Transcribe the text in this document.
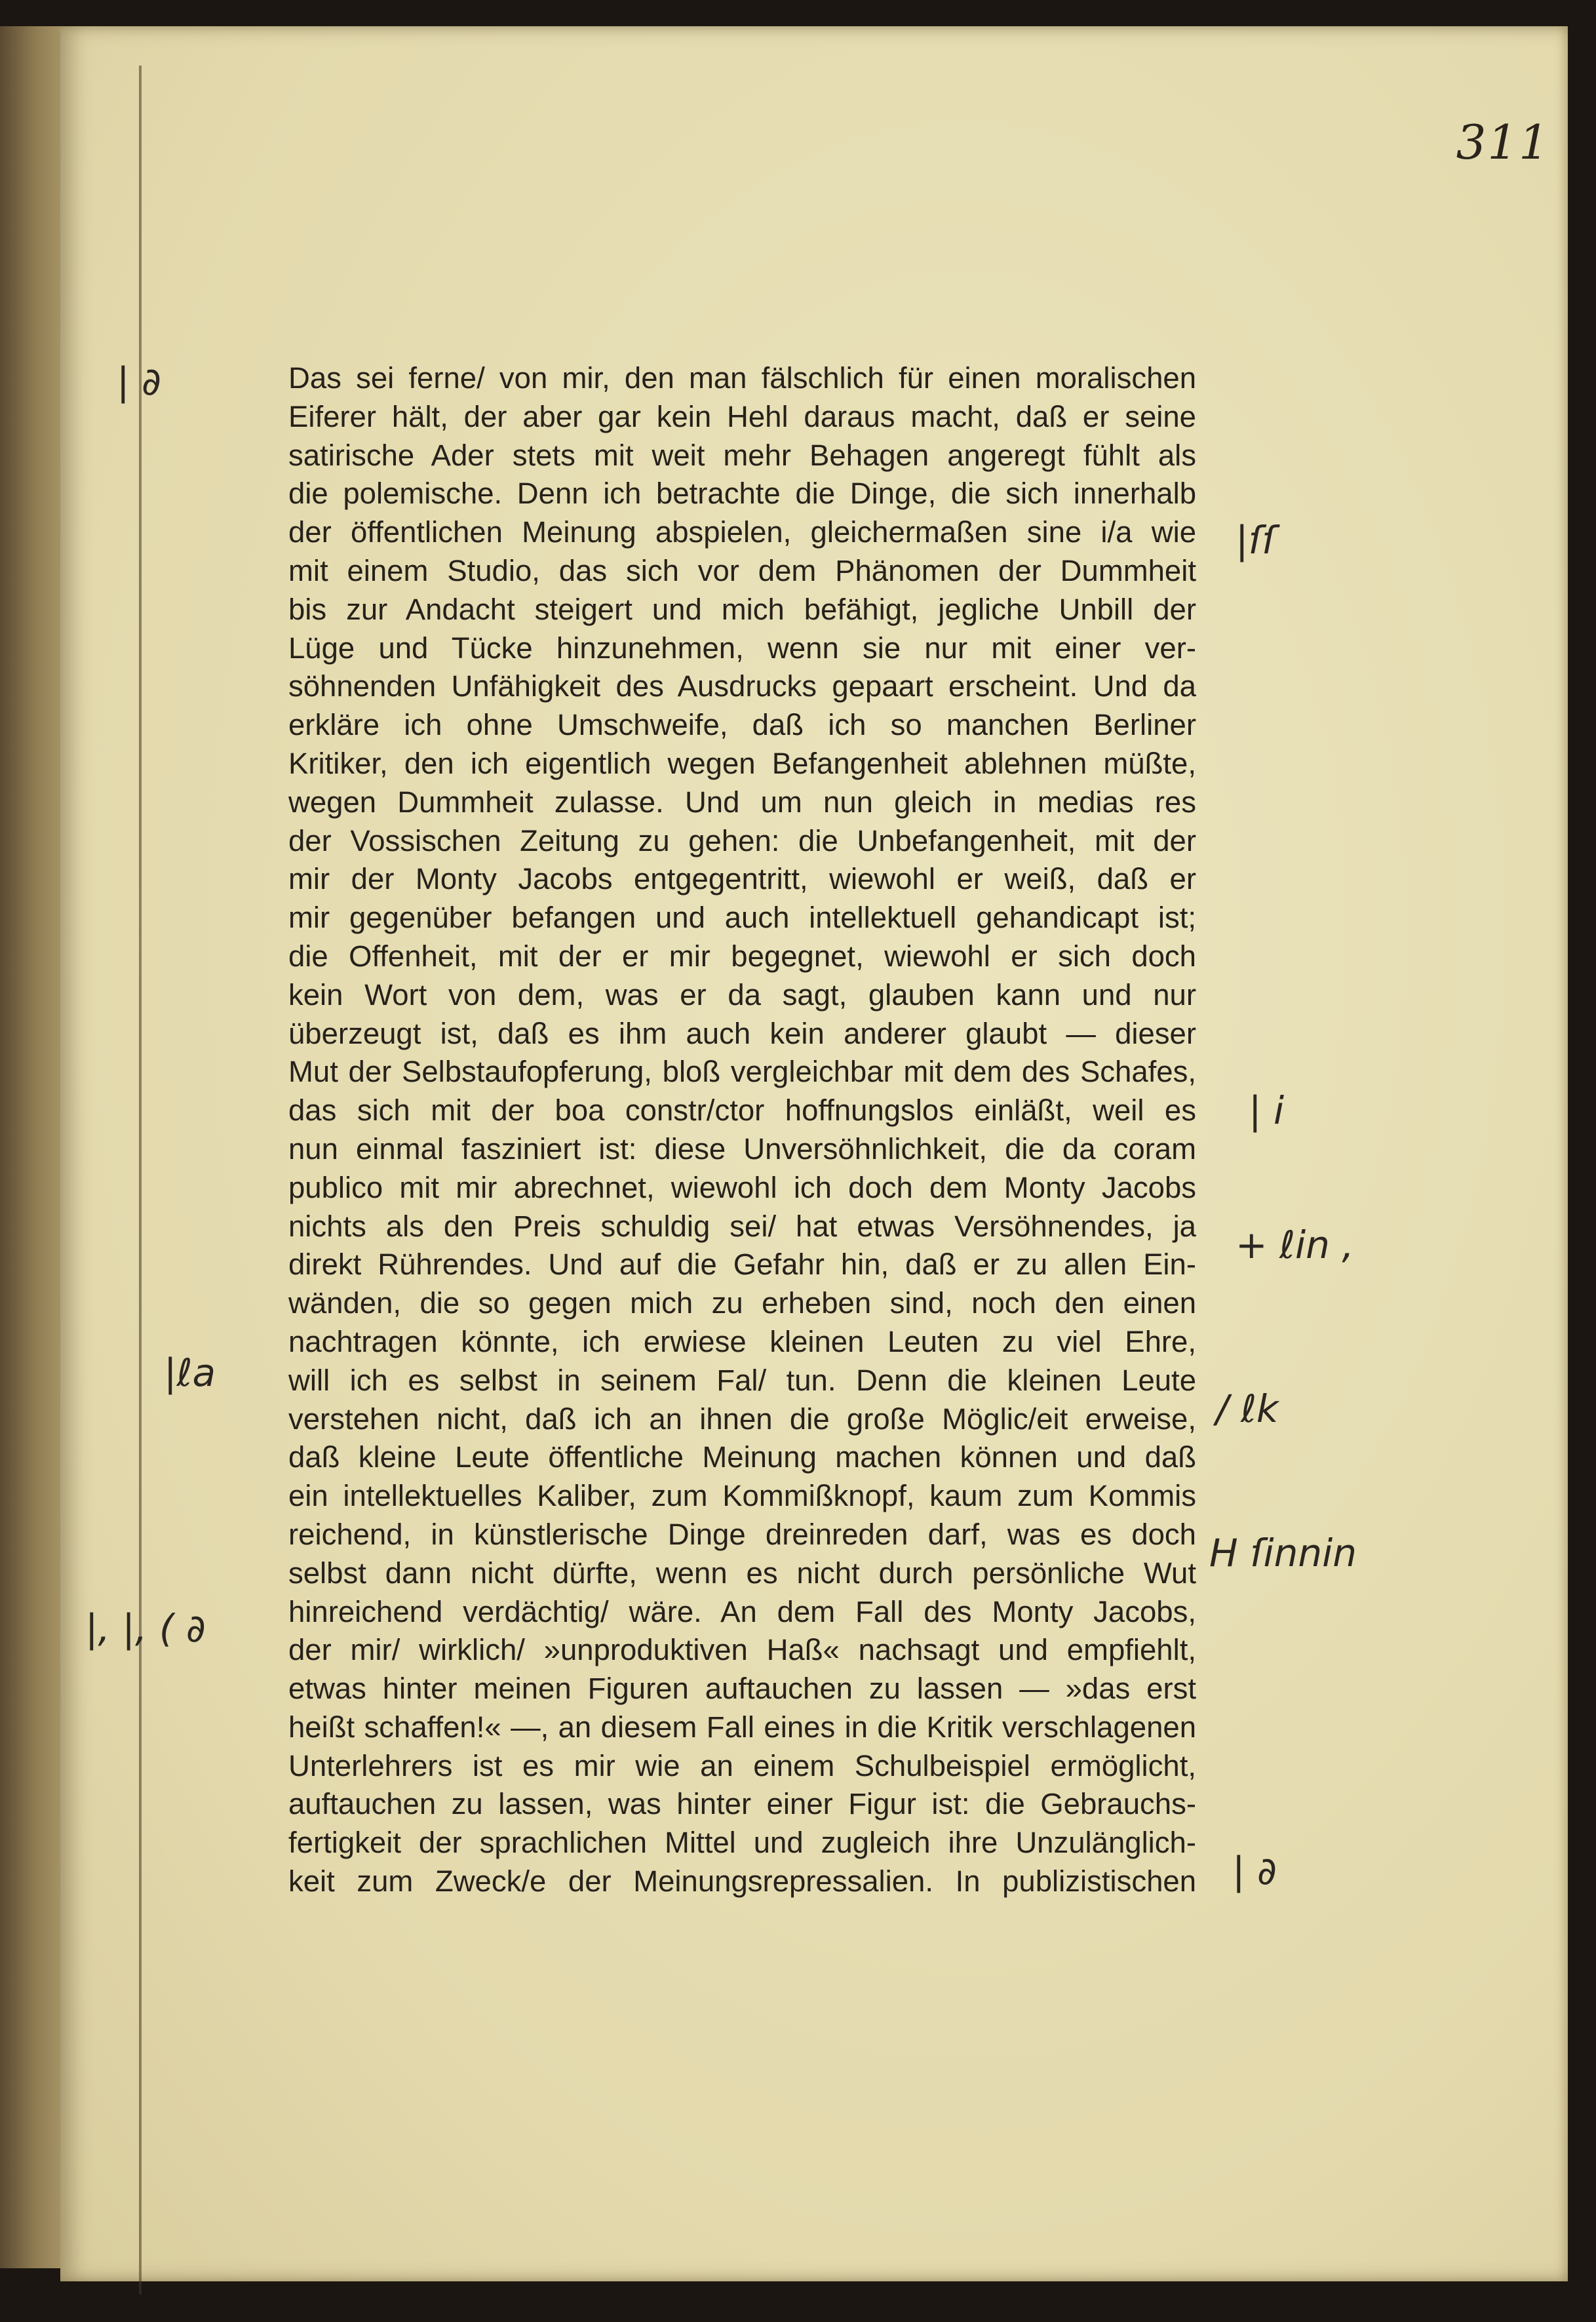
311
Das sei ferne/ von mir, den man fälschlich für einen moralischen
Eiferer hält, der aber gar kein Hehl daraus macht, daß er seine
satirische Ader stets mit weit mehr Behagen angeregt fühlt als
die polemische. Denn ich betrachte die Dinge, die sich innerhalb
der öffentlichen Meinung abspielen, gleichermaßen sine i/a wie
mit einem Studio, das sich vor dem Phänomen der Dummheit
bis zur Andacht steigert und mich befähigt, jegliche Unbill der
Lüge und Tücke hinzunehmen, wenn sie nur mit einer ver-
söhnenden Unfähigkeit des Ausdrucks gepaart erscheint. Und da
erkläre ich ohne Umschweife, daß ich so manchen Berliner
Kritiker, den ich eigentlich wegen Befangenheit ablehnen müßte,
wegen Dummheit zulasse. Und um nun gleich in medias res
der Vossischen Zeitung zu gehen: die Unbefangenheit, mit der
mir der Monty Jacobs entgegentritt, wiewohl er weiß, daß er
mir gegenüber befangen und auch intellektuell gehandicapt ist;
die Offenheit, mit der er mir begegnet, wiewohl er sich doch
kein Wort von dem, was er da sagt, glauben kann und nur
überzeugt ist, daß es ihm auch kein anderer glaubt — dieser
Mut der Selbstaufopferung, bloß vergleichbar mit dem des Schafes,
das sich mit der boa constr/ctor hoffnungslos einläßt, weil es
nun einmal fasziniert ist: diese Unversöhnlichkeit, die da coram
publico mit mir abrechnet, wiewohl ich doch dem Monty Jacobs
nichts als den Preis schuldig sei/ hat etwas Versöhnendes, ja
direkt Rührendes. Und auf die Gefahr hin, daß er zu allen Ein-
wänden, die so gegen mich zu erheben sind, noch den einen
nachtragen könnte, ich erwiese kleinen Leuten zu viel Ehre,
will ich es selbst in seinem Fal/ tun. Denn die kleinen Leute
verstehen nicht, daß ich an ihnen die große Möglic/eit erweise,
daß kleine Leute öffentliche Meinung machen können und daß
ein intellektuelles Kaliber, zum Kommißknopf, kaum zum Kommis
reichend, in künstlerische Dinge dreinreden darf, was es doch
selbst dann nicht dürfte, wenn es nicht durch persönliche Wut
hinreichend verdächtig/ wäre. An dem Fall des Monty Jacobs,
der mir/ wirklich/ »unproduktiven Haß« nachsagt und empfiehlt,
etwas hinter meinen Figuren auftauchen zu lassen — »das erst
heißt schaffen!« —, an diesem Fall eines in die Kritik verschlagenen
Unterlehrers ist es mir wie an einem Schulbeispiel ermöglicht,
auftauchen zu lassen, was hinter einer Figur ist: die Gebrauchs-
fertigkeit der sprachlichen Mittel und zugleich ihre Unzulänglich-
keit zum Zweck/e der Meinungsrepressalien. In publizistischen
| ∂
|ℓa
|, |, ( ∂
|ſſ
| i
+ ℓin ,
/ ℓk
H ſinnin
| ∂
